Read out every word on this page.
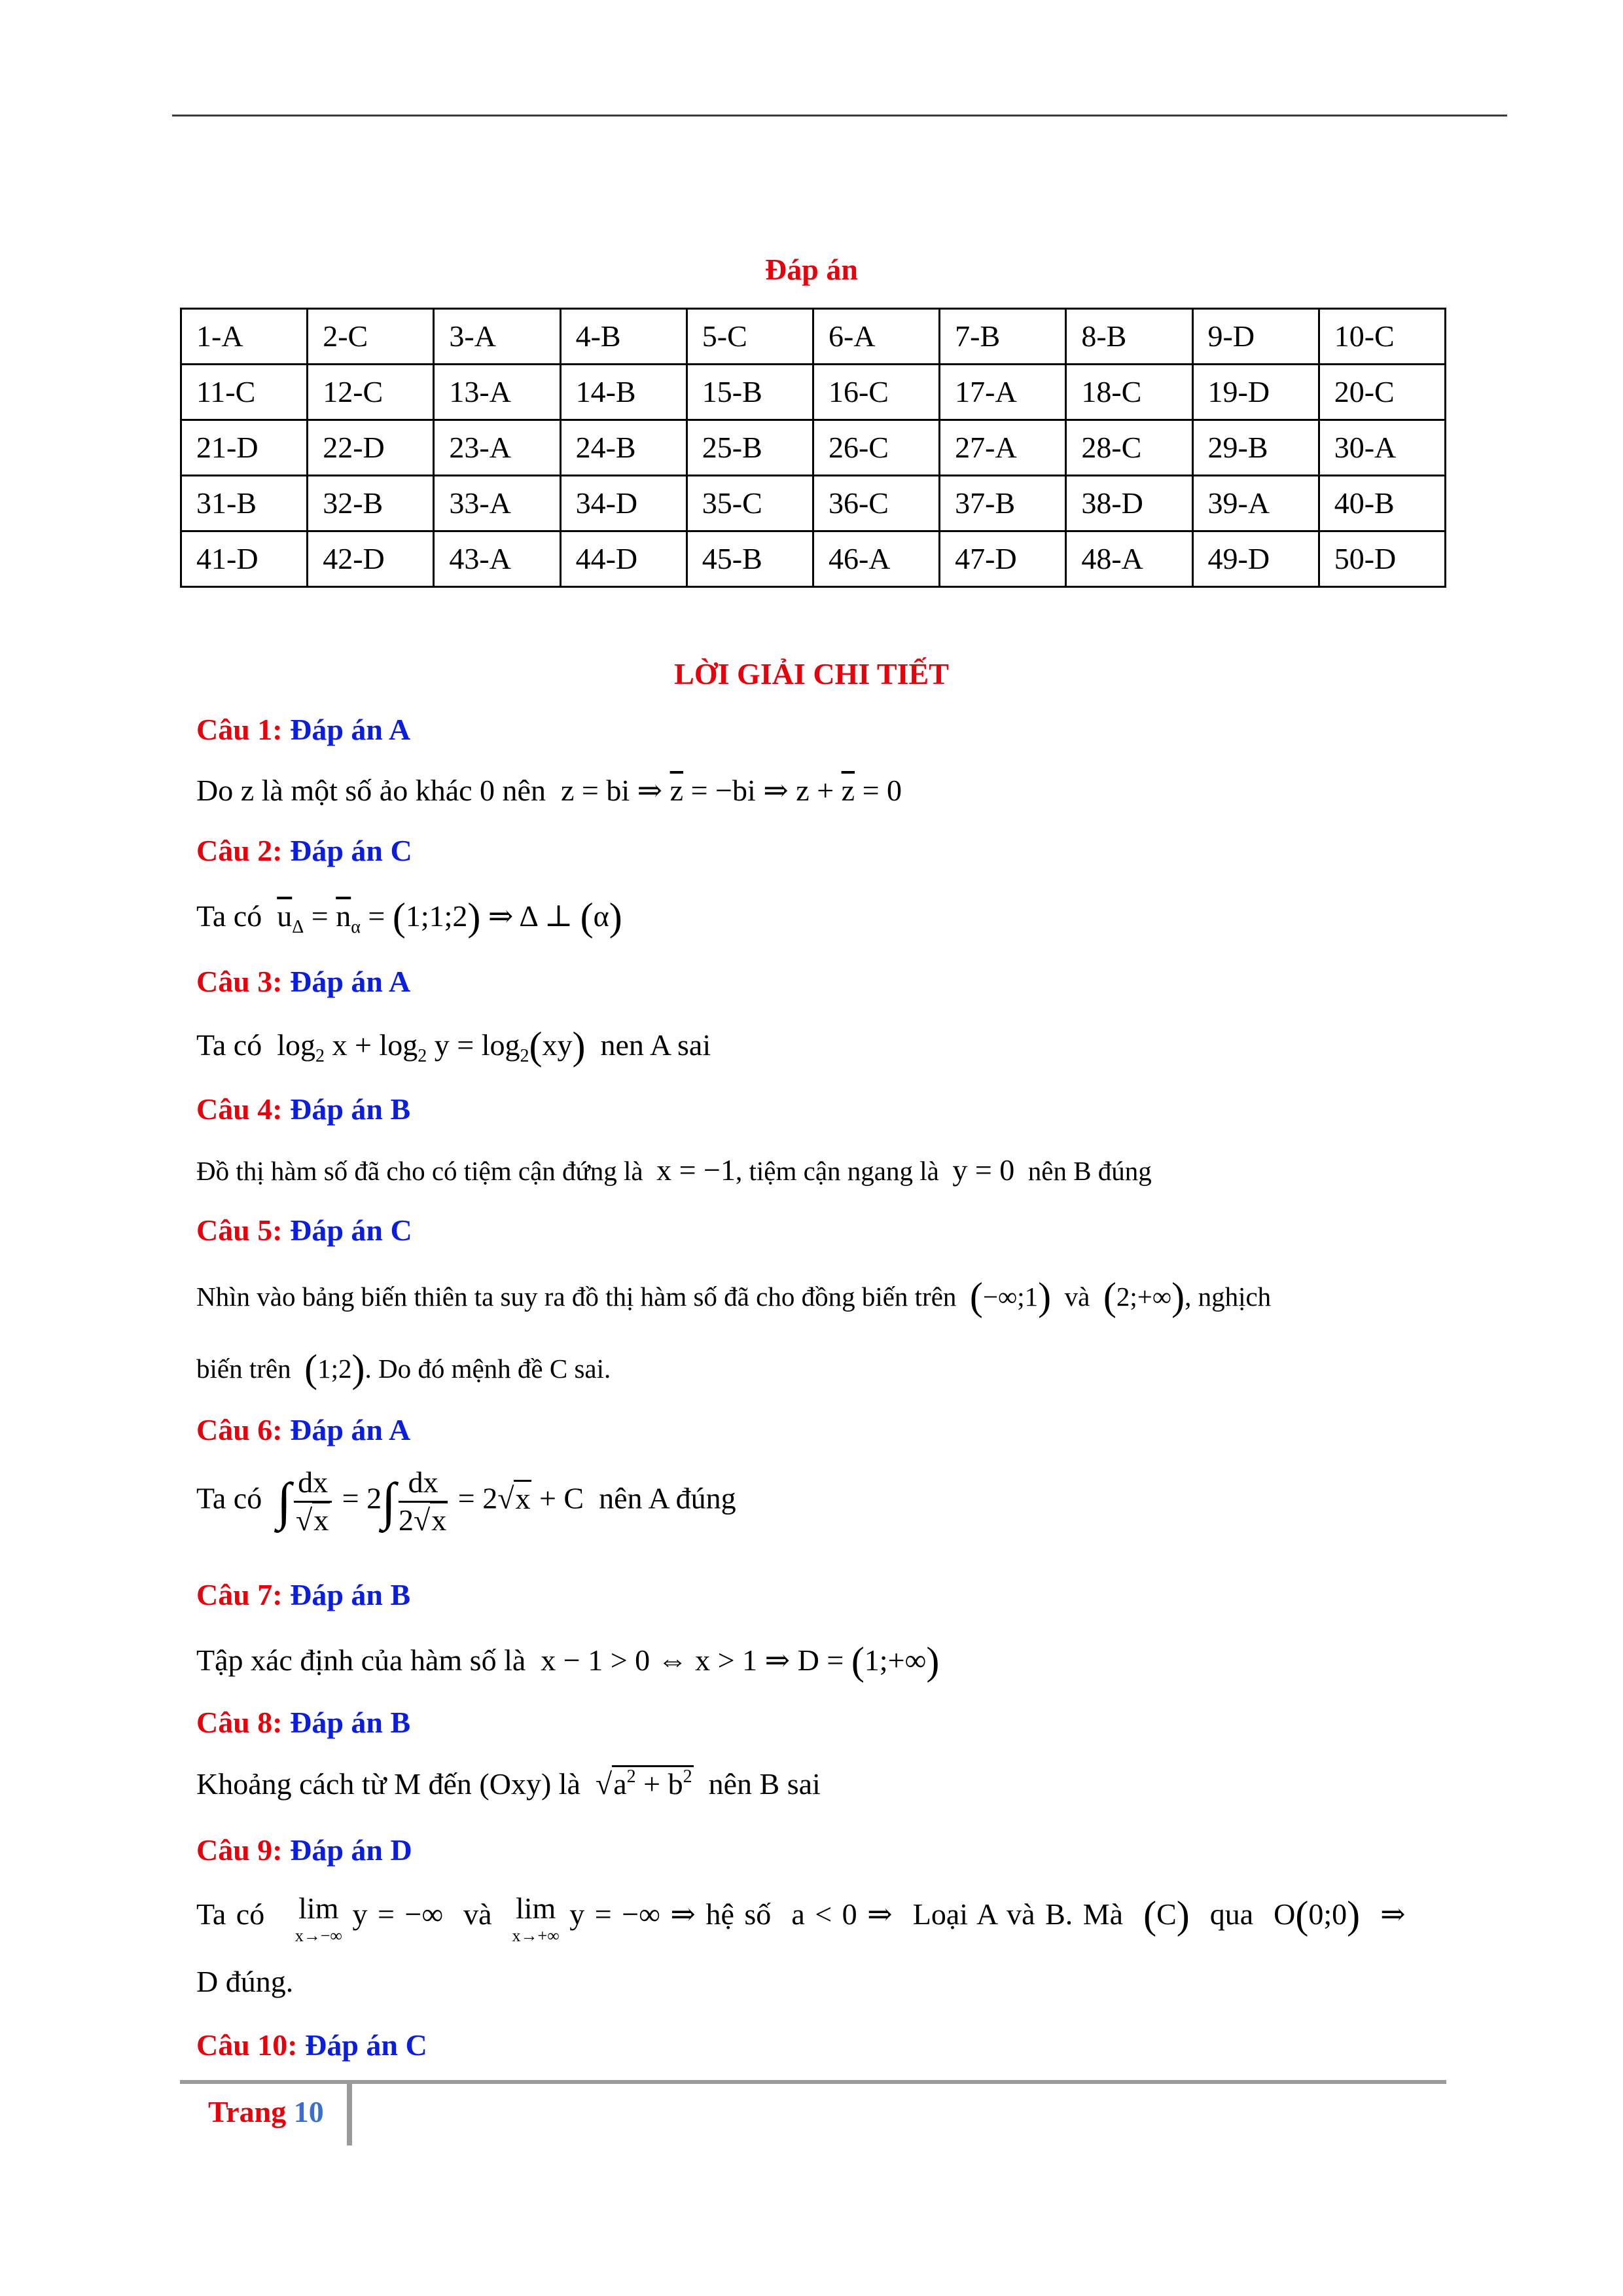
Đáp án
1-A	2-C	3-A	4-B	5-C	6-A	7-B	8-B	9-D	10-C
11-C	12-C	13-A	14-B	15-B	16-C	17-A	18-C	19-D	20-C
21-D	22-D	23-A	24-B	25-B	26-C	27-A	28-C	29-B	30-A
31-B	32-B	33-A	34-D	35-C	36-C	37-B	38-D	39-A	40-B
41-D	42-D	43-A	44-D	45-B	46-A	47-D	48-A	49-D	50-D
LỜI GIẢI CHI TIẾT
Câu 1: Đáp án A
Do z là một số ảo khác 0 nên  z = bi ⇒ $\overline{z} = -bi$ ⇒ $z + \overline{z} = 0$
Câu 2: Đáp án C
Ta có $\overline{u}_\Delta = \overline{n}_\alpha$ = (1;1;2) ⇒ Δ ⊥ (α)
Câu 3: Đáp án A
Ta có  $\log_2 x + \log_2 y = \log_2(xy)$ nen A sai
Câu 4: Đáp án B
Đồ thị hàm số đã cho có tiệm cận đứng là x = −1, tiệm cận ngang là y = 0 nên B đúng
Câu 5: Đáp án C
Nhìn vào bảng biến thiên ta suy ra đồ thị hàm số đã cho đồng biến trên (−∞;1) và (2;+∞), nghịch
biến trên (1;2). Do đó mệnh đề C sai.
Câu 6: Đáp án A
Ta có ∫ $\frac{dx}{√x} = 2\int \frac{dx}{2√x} = 2√x + C$  nên A đúng
Câu 7: Đáp án B
Tập xác định của hàm số là  x − 1 > 0 ⇔ x > 1 ⇒ D = (1;+∞)
Câu 8: Đáp án B
Khoảng cách từ M đến (Oxy) là  $√a^2 + b^2$ nên B sai
Câu 9: Đáp án D
Ta có lim
x→−∞
y = −∞  và lim
x→+∞
y = −∞ ⇒ hệ số  a < 0 ⇒  Loại A và B. Mà (C) qua  O(0;0)  ⇒
D đúng.
Câu 10: Đáp án C
Trang 10
